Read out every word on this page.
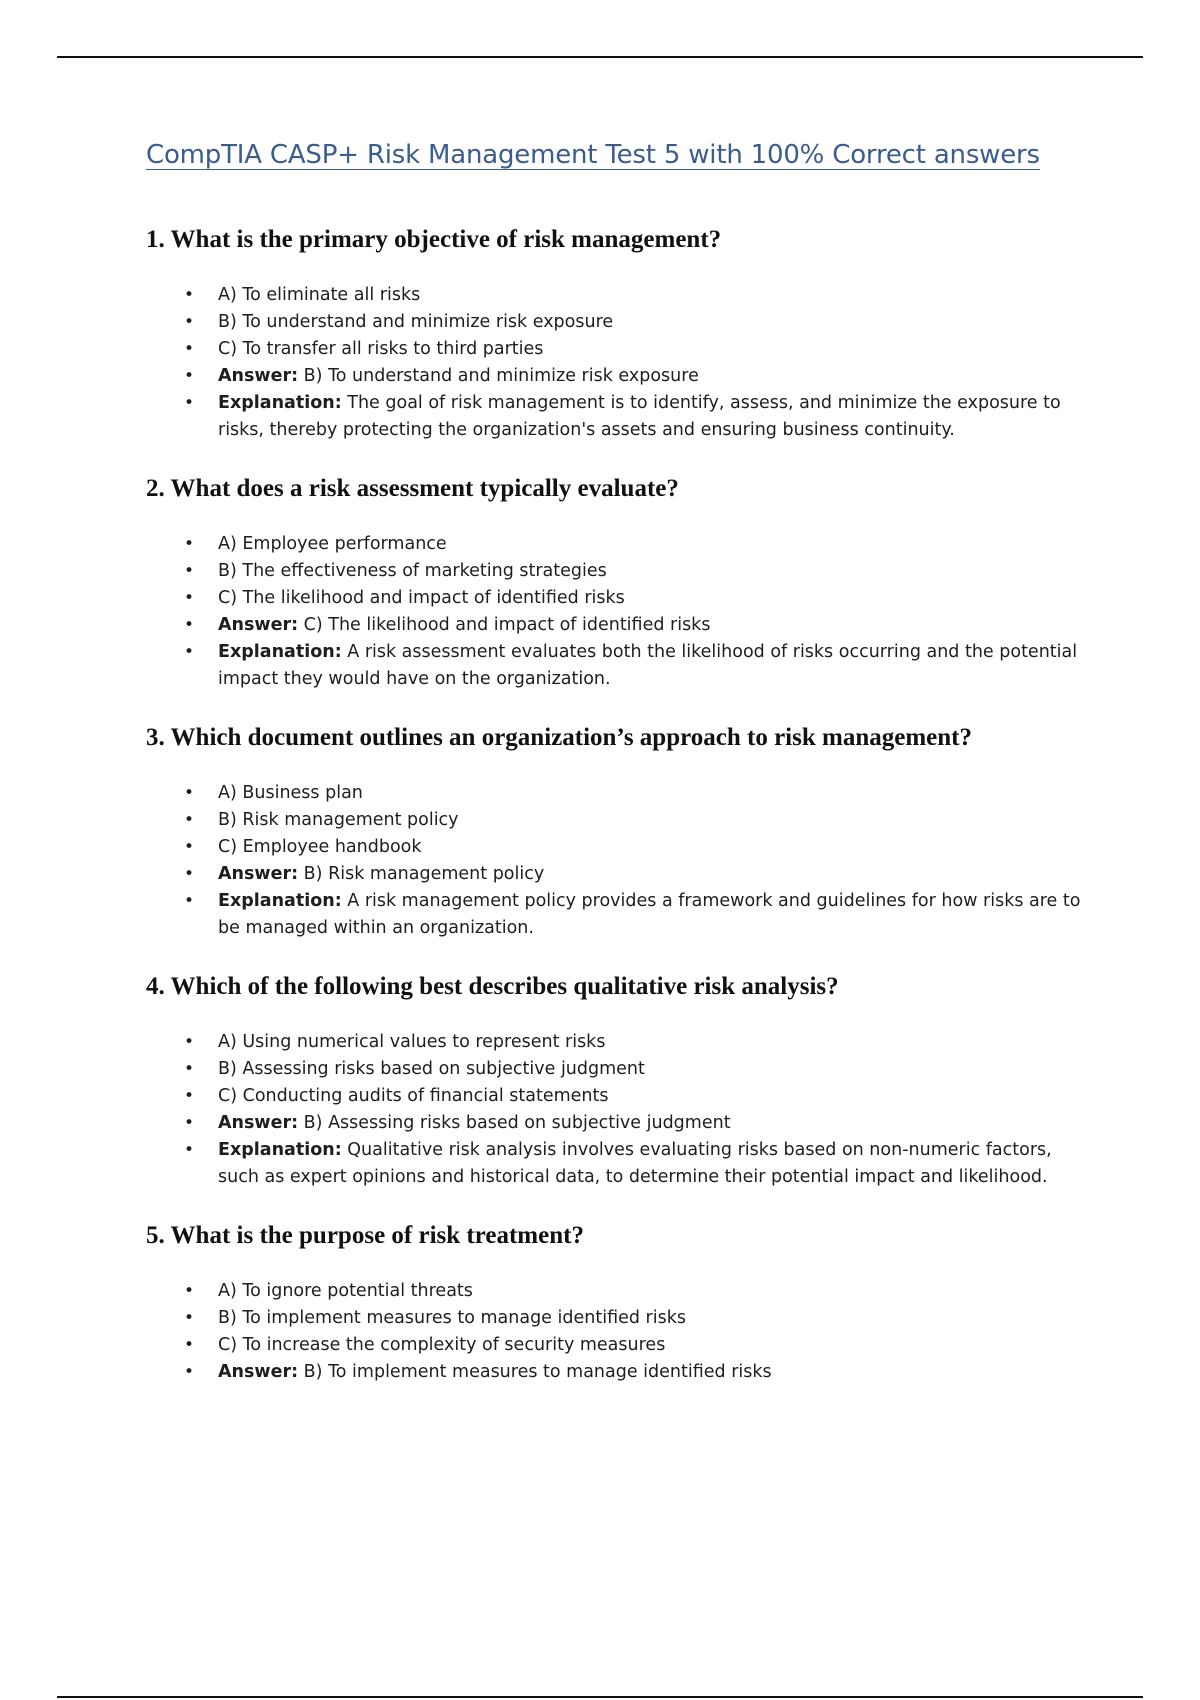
CompTIA CASP+ Risk Management Test 5 with 100% Correct answers
1. What is the primary objective of risk management?
• A) To eliminate all risks
• B) To understand and minimize risk exposure
• C) To transfer all risks to third parties
• Answer: B) To understand and minimize risk exposure
• Explanation: The goal of risk management is to identify, assess, and minimize the exposure to risks, thereby protecting the organization's assets and ensuring business continuity.
2. What does a risk assessment typically evaluate?
• A) Employee performance
• B) The effectiveness of marketing strategies
• C) The likelihood and impact of identified risks
• Answer: C) The likelihood and impact of identified risks
• Explanation: A risk assessment evaluates both the likelihood of risks occurring and the potential impact they would have on the organization.
3. Which document outlines an organization’s approach to risk management?
• A) Business plan
• B) Risk management policy
• C) Employee handbook
• Answer: B) Risk management policy
• Explanation: A risk management policy provides a framework and guidelines for how risks are to be managed within an organization.
4. Which of the following best describes qualitative risk analysis?
• A) Using numerical values to represent risks
• B) Assessing risks based on subjective judgment
• C) Conducting audits of financial statements
• Answer: B) Assessing risks based on subjective judgment
• Explanation: Qualitative risk analysis involves evaluating risks based on non-numeric factors, such as expert opinions and historical data, to determine their potential impact and likelihood.
5. What is the purpose of risk treatment?
• A) To ignore potential threats
• B) To implement measures to manage identified risks
• C) To increase the complexity of security measures
• Answer: B) To implement measures to manage identified risks
